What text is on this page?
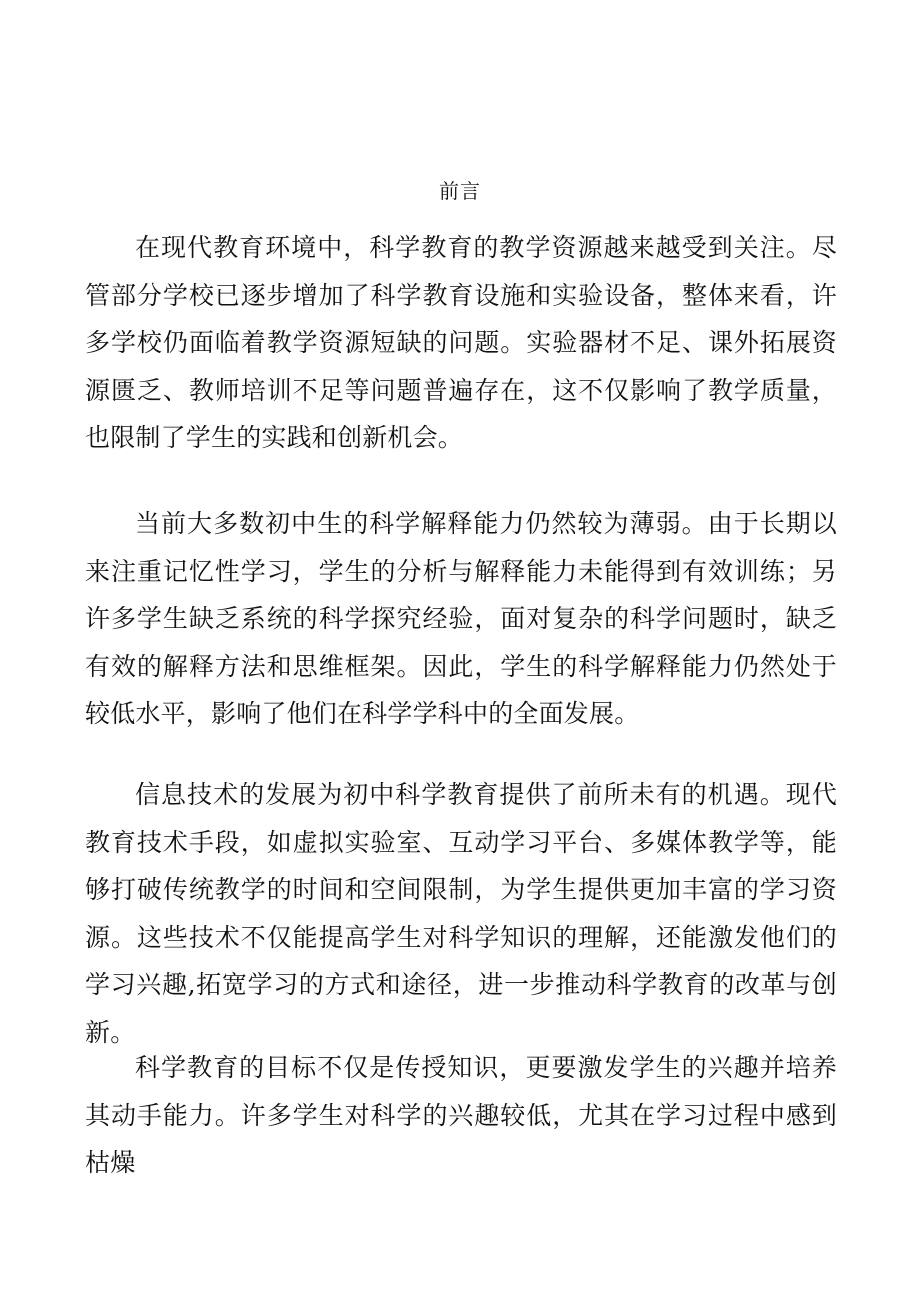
前言

在现代教育环境中，科学教育的教学资源越来越受到关注。尽管部分学校已逐步增加了科学教育设施和实验设备，整体来看，许多学校仍面临着教学资源短缺的问题。实验器材不足、课外拓展资源匮乏、教师培训不足等问题普遍存在，这不仅影响了教学质量，也限制了学生的实践和创新机会。

当前大多数初中生的科学解释能力仍然较为薄弱。由于长期以来注重记忆性学习，学生的分析与解释能力未能得到有效训练；另许多学生缺乏系统的科学探究经验，面对复杂的科学问题时，缺乏有效的解释方法和思维框架。因此，学生的科学解释能力仍然处于较低水平，影响了他们在科学学科中的全面发展。

信息技术的发展为初中科学教育提供了前所未有的机遇。现代教育技术手段，如虚拟实验室、互动学习平台、多媒体教学等，能够打破传统教学的时间和空间限制，为学生提供更加丰富的学习资源。这些技术不仅能提高学生对科学知识的理解，还能激发他们的学习兴趣,拓宽学习的方式和途径，进一步推动科学教育的改革与创新。

科学教育的目标不仅是传授知识，更要激发学生的兴趣并培养其动手能力。许多学生对科学的兴趣较低，尤其在学习过程中感到枯燥
